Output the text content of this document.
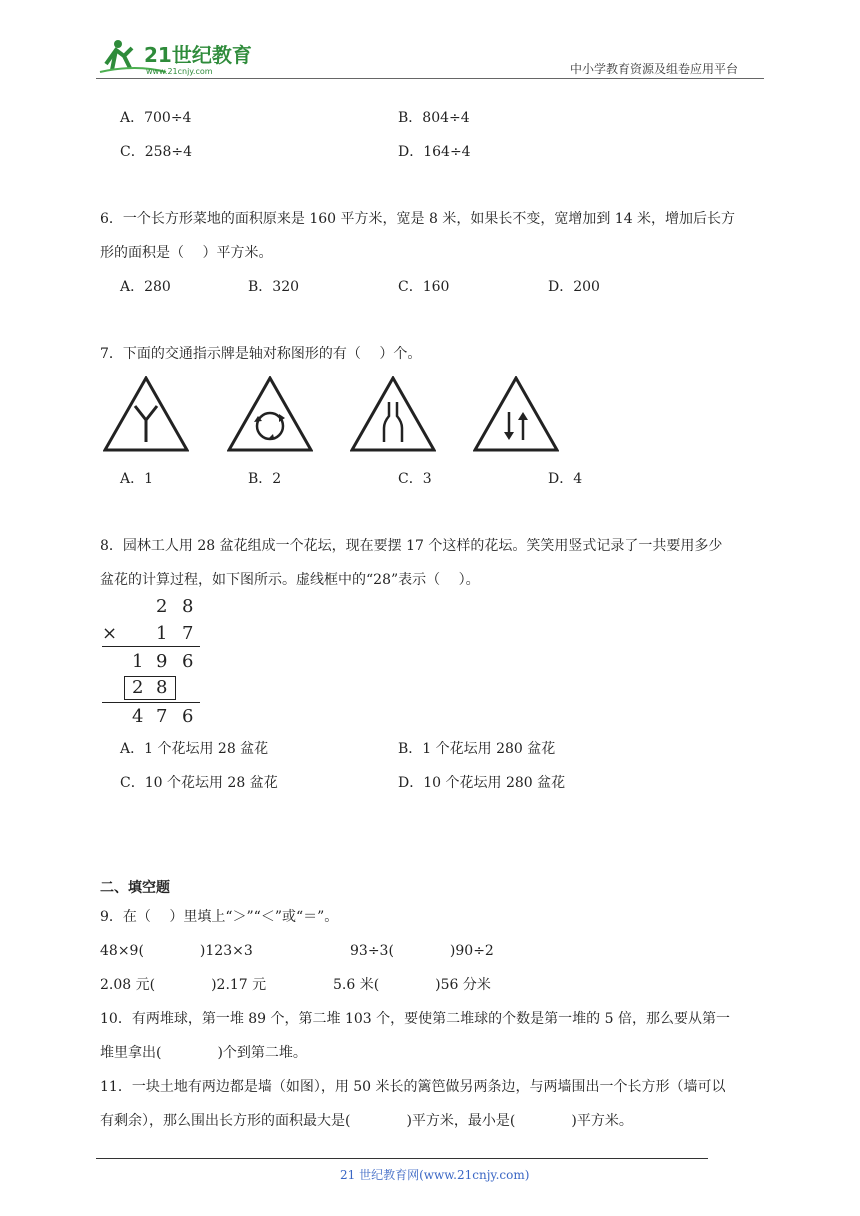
21世纪教育
www.21cnjy.com	中小学教育资源及组卷应用平台
A．700÷4	B．804÷4
C．258÷4	D．164÷4
6．一个长方形菜地的面积原来是 160 平方米，宽是 8 米，如果长不变，宽增加到 14 米，增加后长方
形的面积是（　 ）平方米。
A．280	B．320	C．160	D．200
7．下面的交通指示牌是轴对称图形的有（　 ）个。
A．1	B．2	C．3	D．4
8．园林工人用 28 盆花组成一个花坛，现在要摆 17 个这样的花坛。笑笑用竖式记录了一共要用多少
盆花的计算过程，如下图所示。虚线框中的“28”表示（　 ）。
2 8
× 1 7
1 9 6
2 8
4 7 6
A．1 个花坛用 28 盆花	B．1 个花坛用 280 盆花
C．10 个花坛用 28 盆花	D．10 个花坛用 280 盆花
二、填空题
9．在（　 ）里填上“＞”“＜”或“＝”。
48×9(　　　　)123×3	93÷3(　　　　)90÷2
2.08 元(　　　　)2.17 元	5.6 米(　　　　)56 分米
10．有两堆球，第一堆 89 个，第二堆 103 个，要使第二堆球的个数是第一堆的 5 倍，那么要从第一
堆里拿出(　　　　)个到第二堆。
11．一块土地有两边都是墙（如图），用 50 米长的篱笆做另两条边，与两墙围出一个长方形（墙可以
有剩余），那么围出长方形的面积最大是(　　　　)平方米，最小是(　　　　)平方米。
21 世纪教育网(www.21cnjy.com)
